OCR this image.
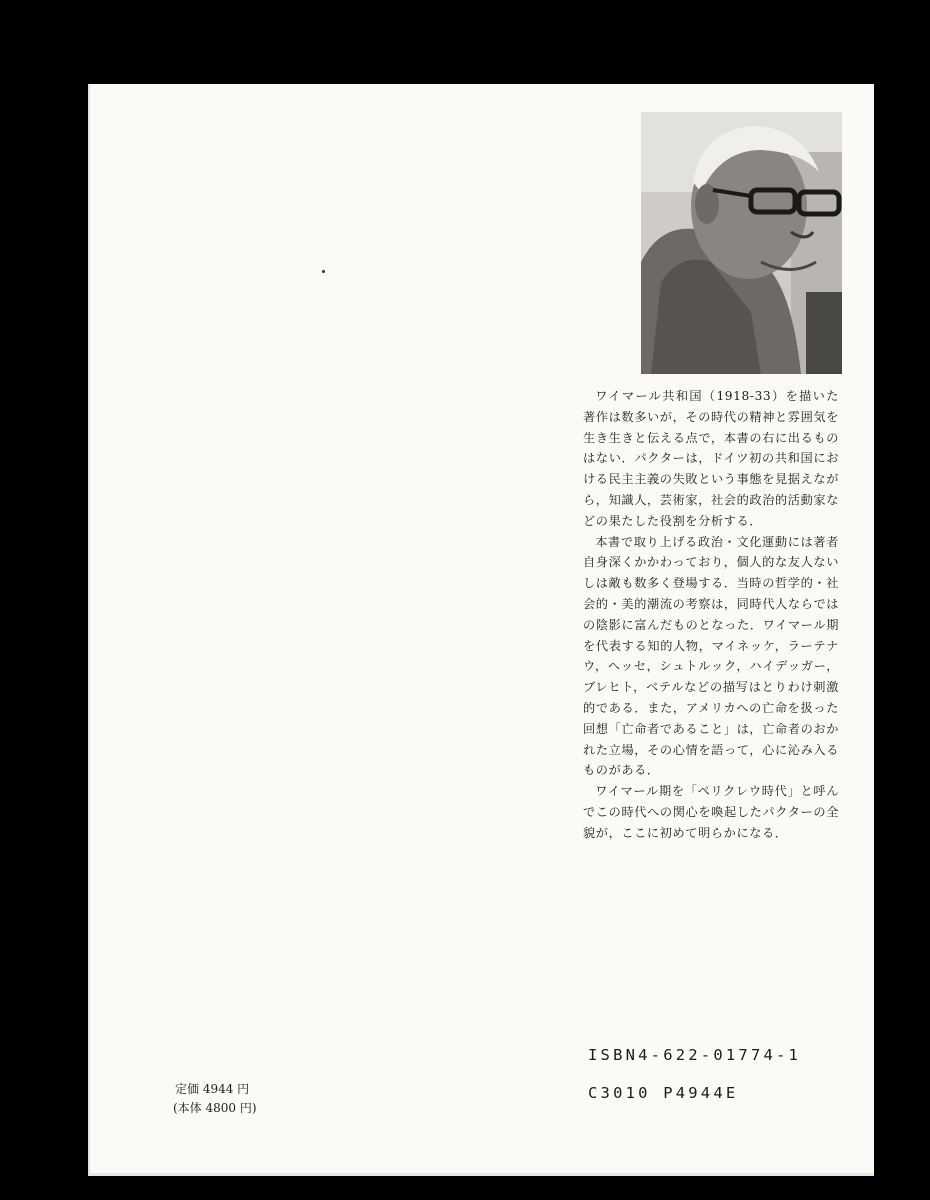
ワイマール共和国（1918-33）を描いた著作は数多いが，その時代の精神と雰囲気を生き生きと伝える点で，本書の右に出るものはない．パクターは，ドイツ初の共和国における民主主義の失敗という事態を見据えながら，知識人，芸術家，社会的政治的活動家などの果たした役割を分析する．

本書で取り上げる政治・文化運動には著者自身深くかかわっており，個人的な友人ないしは敵も数多く登場する．当時の哲学的・社会的・美的潮流の考察は，同時代人ならではの陰影に富んだものとなった．ワイマール期を代表する知的人物，マイネッケ，ラーテナウ，ヘッセ，シュトルック，ハイデッガー，ブレヒト，ベテルなどの描写はとりわけ刺激的である．また，アメリカへの亡命を扱った回想「亡命者であること」は，亡命者のおかれた立場，その心情を語って，心に沁み入るものがある．

ワイマール期を「ペリクレウ時代」と呼んでこの時代への関心を喚起したパクターの全貌が，ここに初めて明らかになる．

定価 4944 円
(本体 4800 円)
ISBN4-622-01774-1
C3010 P4944E
